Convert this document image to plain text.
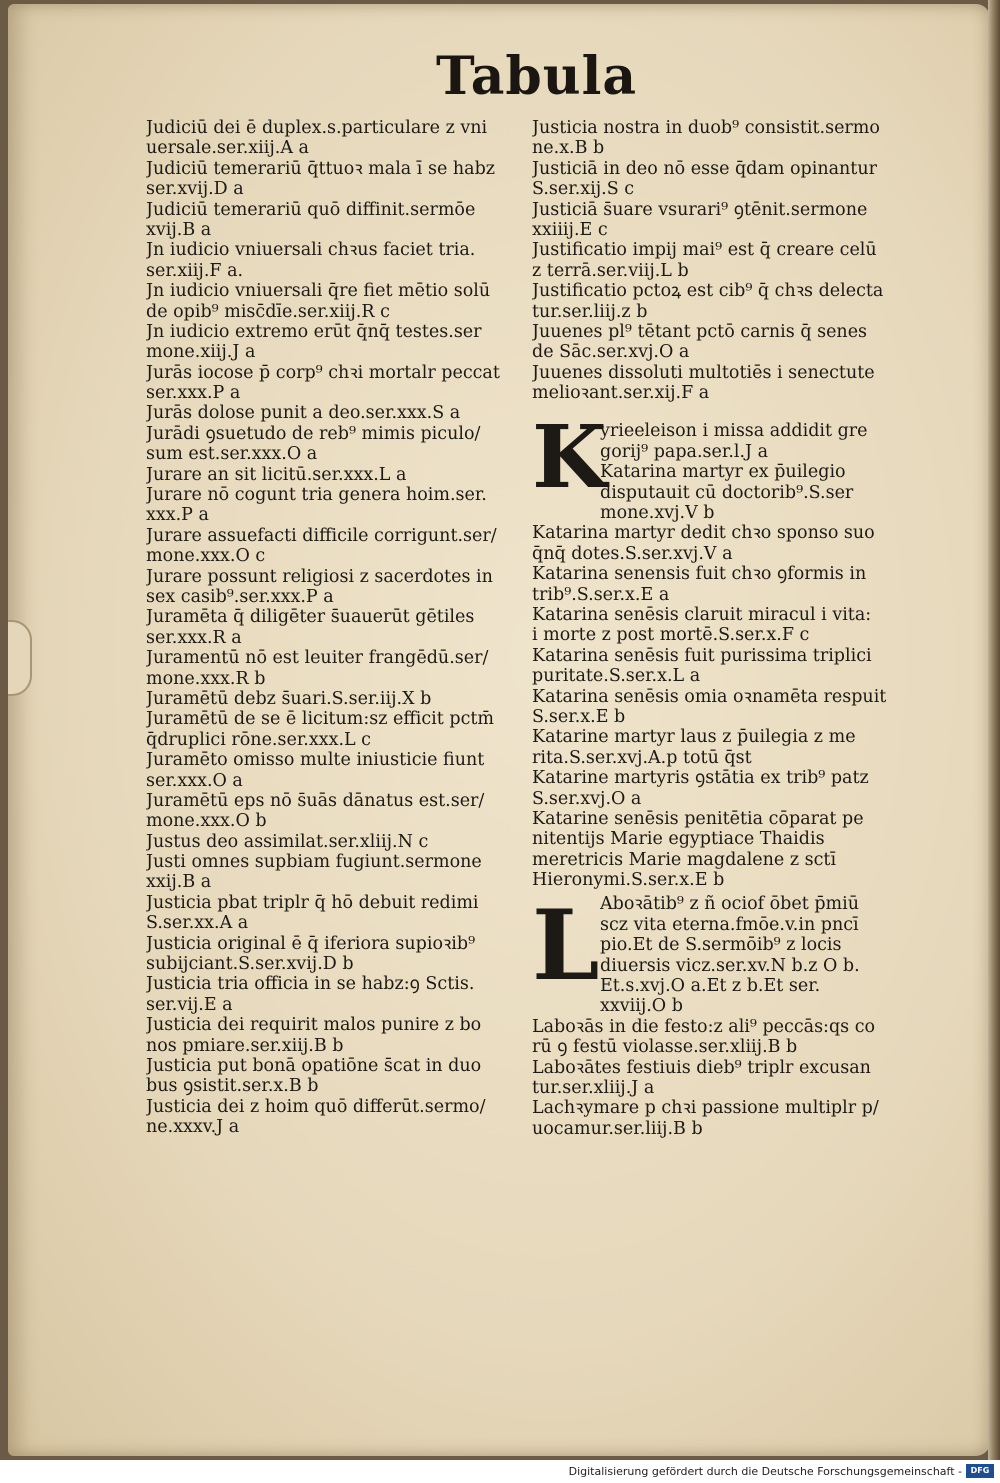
Tabula
Judiciū dei ē duplex.s.particulare z vni
uersale.ser.xiij.A a
Judiciū temerariū q̄ttuoꝛ mala ī se habz
ser.xvij.D a
Judiciū temerariū quō diffinit.sermōe
xvij.B a
Jn iudicio vniuersali chꝛus faciet tria.
ser.xiij.F a.
Jn iudicio vniuersali q̄re fiet mētio solū
de opib⁹ misc̄dīe.ser.xiij.R c
Jn iudicio extremo erūt q̄nq̄ testes.ser
mone.xiij.J a
Jurās iocose p̄ corp⁹ chꝛi mortalr peccat
ser.xxx.P a
Jurās dolose punit a deo.ser.xxx.S a
Jurādi ꝯsuetudo de reb⁹ mimis piculo/
sum est.ser.xxx.O a
Jurare an sit licitū.ser.xxx.L a
Jurare nō cogunt tria genera hoim.ser.
xxx.P a
Jurare assuefacti difficile corrigunt.ser/
mone.xxx.O c
Jurare possunt religiosi z sacerdotes in
sex casib⁹.ser.xxx.P a
Juramēta q̄ diligēter s̄uauerūt gētiles
ser.xxx.R a
Juramentū nō est leuiter frangēdū.ser/
mone.xxx.R b
Juramētū debz s̄uari.S.ser.iij.X b
Juramētū de se ē licitum:sz efficit pctm̄
q̄druplici rōne.ser.xxx.L c
Juramēto omisso multe iniusticie fiunt
ser.xxx.O a
Juramētū eps nō s̄uās dānatus est.ser/
mone.xxx.O b
Justus deo assimilat.ser.xliij.N c
Justi omnes supbiam fugiunt.sermone
xxij.B a
Justicia pbat tripl̄r q̄ hō debuit redimi
S.ser.xx.A a
Justicia original̄ ē q̄ iferiora supioꝛib⁹
subijciant.S.ser.xvij.D b
Justicia tria officia in se habz:ꝯ Sctis.
ser.vij.E a
Justicia dei requirit malos punire z bo
nos pmiare.ser.xiij.B b
Justicia put bonā opatiōne s̄cat in duo
bus ꝯsistit.ser.x.B b
Justicia dei z hoim quō differūt.sermo/
ne.xxxv.J a
Justicia nostra in duob⁹ consistit.sermo
ne.x.B b
Justiciā in deo nō esse q̄dam opinantur
S.ser.xij.S c
Justiciā s̄uare vsurari⁹ ꝯtēnit.sermone
xxiiij.E c
Justificatio impij mai⁹ est q̄ creare celū
z terrā.ser.viij.L b
Justificatio pctoꝝ est cib⁹ q̄ chꝛs delecta
tur.ser.liij.z b
Juuenes pl⁹ tētant pctō carnis q̄ senes
de Sāc.ser.xvj.O a
Juuenes dissoluti multotiēs i senectute
melioꝛant.ser.xij.F a
K
yrieeleison i missa addidit gre
gorij⁹ papa.ser.l.J a
Katarina martyr ex p̄uilegio
disputauit cū doctorib⁹.S.ser
mone.xvj.V b
Katarina martyr dedit chꝛo sponso suo
q̄nq̄ dotes.S.ser.xvj.V a
Katarina senensis fuit chꝛo ꝯformis in
trib⁹.S.ser.x.E a
Katarina senēsis claruit miracul̄ i vita:
i morte z post mortē.S.ser.x.F c
Katarina senēsis fuit purissima triplici
puritate.S.ser.x.L a
Katarina senēsis omia oꝛnamēta respuit
S.ser.x.E b
Katarine martyr laus z p̄uilegia z me
rita.S.ser.xvj.A.p totū q̄st
Katarine martyris ꝯstātia ex trib⁹ patz
S.ser.xvj.O a
Katarine senēsis penitētia cōparat pe
nitentijs Marie egyptiace Thaidis
meretricis Marie magdalene z sctī
Hieronymi.S.ser.x.E b
L Aboꝛātib⁹ z ñ ociof ōbet p̄miū
scz vita eterna.fmōe.v.in pncī
pio.Et de S.sermōib⁹ z locis
diuersis vicz.ser.xv.N b.z O b.
Et.s.xvj.O a.Et z b.Et ser.
xxviij.O b
Laboꝛās in die festo:z ali⁹ peccās:qs co
rū ꝯ festū violasse.ser.xliij.B b
Laboꝛātes festiuis dieb⁹ tripl̄r excusan
tur.ser.xliij.J a
Lachꝛymare p chꝛi passione multipl̄r p/
uocamur.ser.liij.B b
Digitalisierung gefördert durch die Deutsche Forschungsgemeinschaft -	DFG
